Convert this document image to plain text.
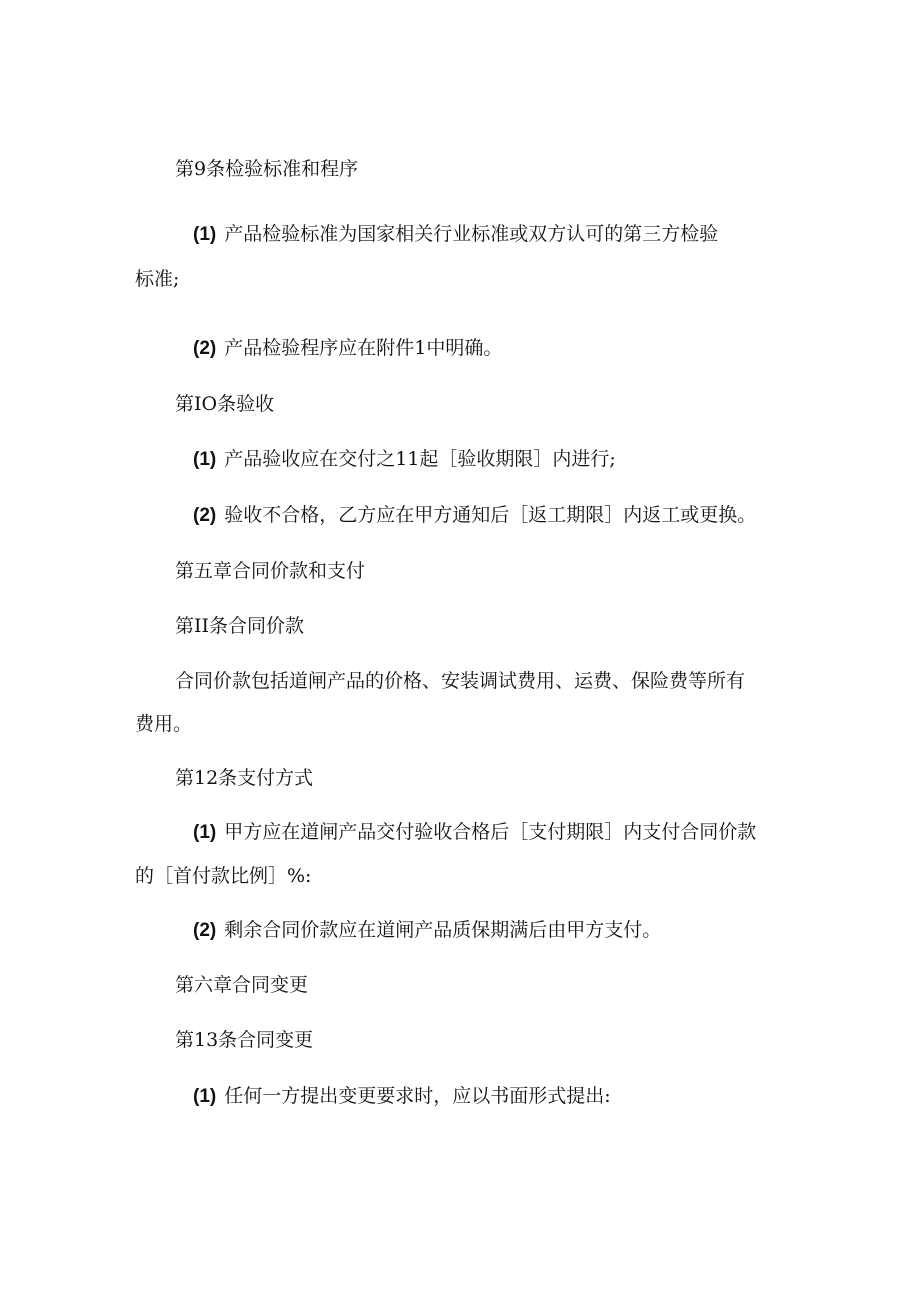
第9条检验标准和程序
(1) 产品检验标准为国家相关行业标准或双方认可的第三方检验
标准;
(2) 产品检验程序应在附件1中明确。
第IO条验收
(1) 产品验收应在交付之11起［验收期限］内进行;
(2) 验收不合格，乙方应在甲方通知后［返工期限］内返工或更换。
第五章合同价款和支付
第II条合同价款
合同价款包括道闸产品的价格、安装调试费用、运费、保险费等所有
费用。
第12条支付方式
(1) 甲方应在道闸产品交付验收合格后［支付期限］内支付合同价款
的［首付款比例］%:
(2) 剩余合同价款应在道闸产品质保期满后由甲方支付。
第六章合同变更
第13条合同变更
(1) 任何一方提出变更要求时，应以书面形式提出:
